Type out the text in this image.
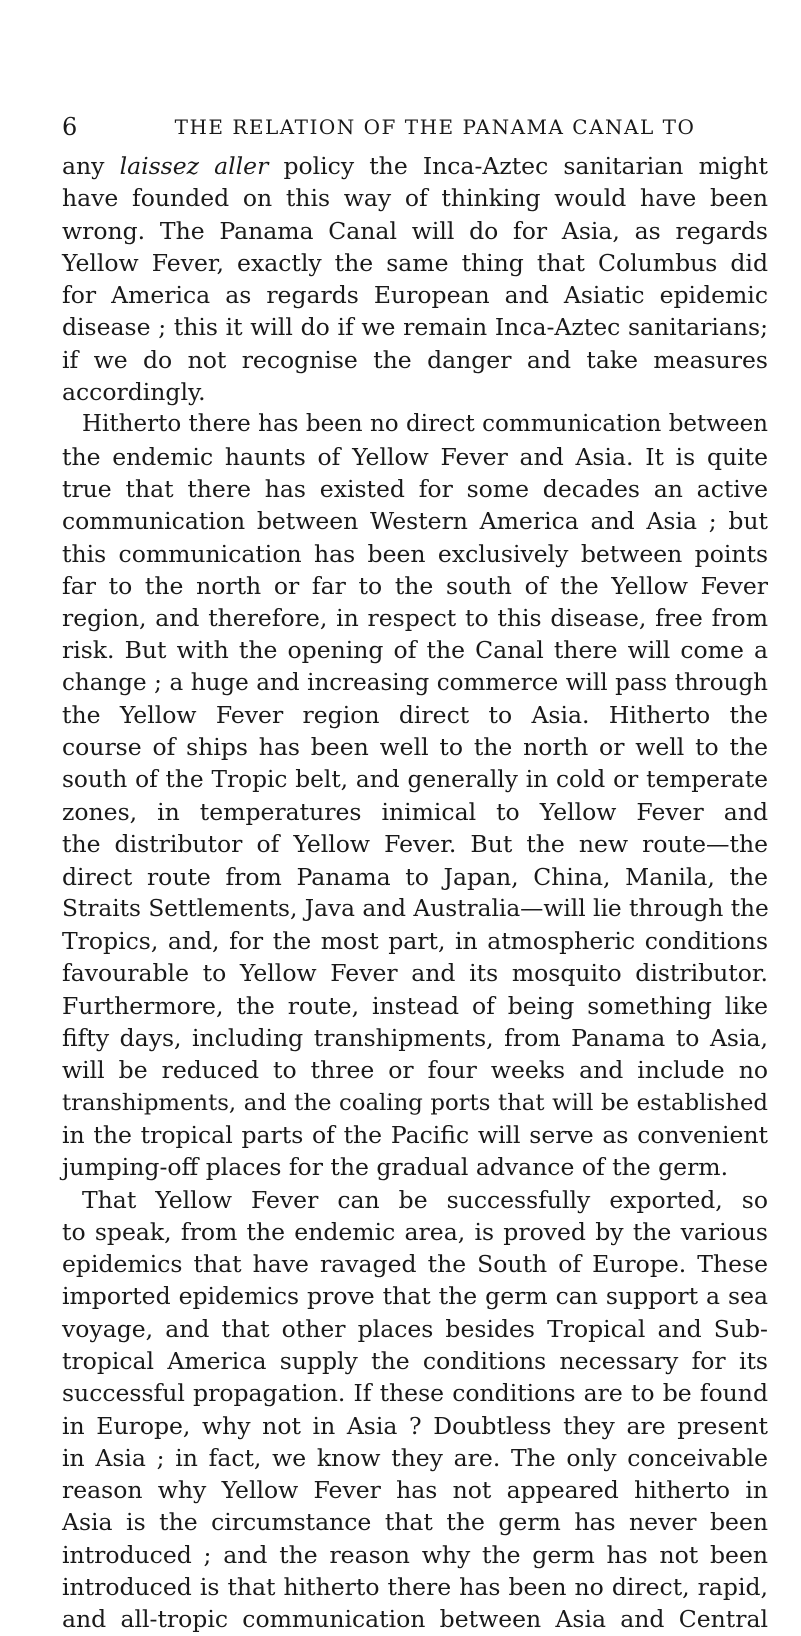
6	THE RELATION OF THE PANAMA CANAL TO
any laissez aller policy the Inca-Aztec sanitarian might
have founded on this way of thinking would have been
wrong. The Panama Canal will do for Asia, as regards
Yellow Fever, exactly the same thing that Columbus did
for America as regards European and Asiatic epidemic
disease ; this it will do if we remain Inca-Aztec sanitarians;
if we do not recognise the danger and take measures
accordingly.
Hitherto there has been no direct communication between
the endemic haunts of Yellow Fever and Asia. It is quite
true that there has existed for some decades an active
communication between Western America and Asia ; but
this communication has been exclusively between points
far to the north or far to the south of the Yellow Fever
region, and therefore, in respect to this disease, free from
risk. But with the opening of the Canal there will come a
change ; a huge and increasing commerce will pass through
the Yellow Fever region direct to Asia. Hitherto the
course of ships has been well to the north or well to the
south of the Tropic belt, and generally in cold or temperate
zones, in temperatures inimical to Yellow Fever and
the distributor of Yellow Fever. But the new route—the
direct route from Panama to Japan, China, Manila, the
Straits Settlements, Java and Australia—will lie through the
Tropics, and, for the most part, in atmospheric conditions
favourable to Yellow Fever and its mosquito distributor.
Furthermore, the route, instead of being something like
fifty days, including transhipments, from Panama to Asia,
will be reduced to three or four weeks and include no
transhipments, and the coaling ports that will be established
in the tropical parts of the Pacific will serve as convenient
jumping-off places for the gradual advance of the germ.
That Yellow Fever can be successfully exported, so
to speak, from the endemic area, is proved by the various
epidemics that have ravaged the South of Europe. These
imported epidemics prove that the germ can support a sea
voyage, and that other places besides Tropical and Sub-
tropical America supply the conditions necessary for its
successful propagation. If these conditions are to be found
in Europe, why not in Asia ? Doubtless they are present
in Asia ; in fact, we know they are. The only conceivable
reason why Yellow Fever has not appeared hitherto in
Asia is the circumstance that the germ has never been
introduced ; and the reason why the germ has not been
introduced is that hitherto there has been no direct, rapid,
and all-tropic communication between Asia and Central
